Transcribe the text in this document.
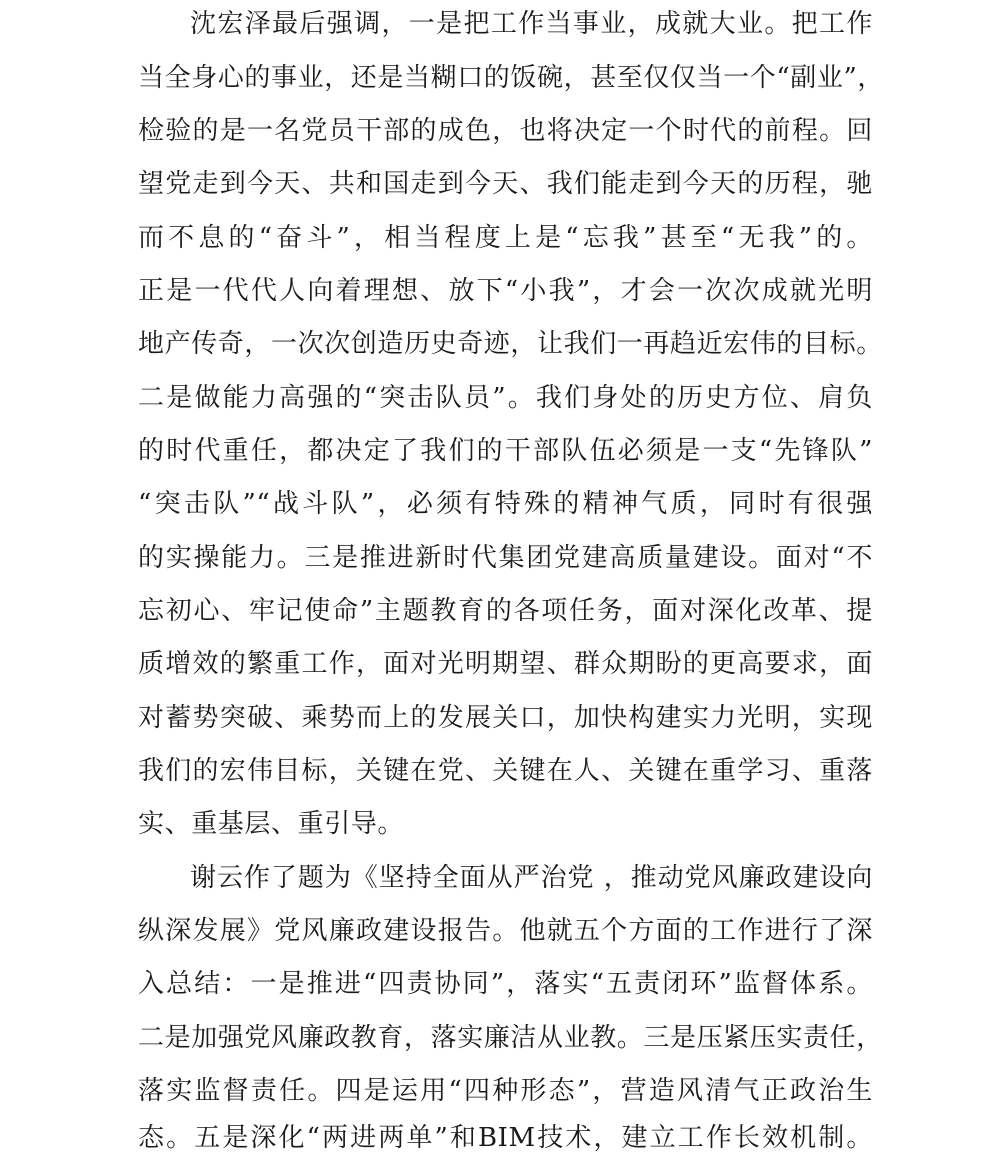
沈宏泽最后强调，一是把工作当事业，成就大业。把工作
当全身心的事业，还是当糊口的饭碗，甚至仅仅当一个“副业”，
检验的是一名党员干部的成色，也将决定一个时代的前程。回
望党走到今天、共和国走到今天、我们能走到今天的历程，驰
而不息的“奋斗”，相当程度上是“忘我”甚至“无我”的。
正是一代代人向着理想、放下“小我”，才会一次次成就光明
地产传奇，一次次创造历史奇迹，让我们一再趋近宏伟的目标。
二是做能力高强的“突击队员”。我们身处的历史方位、肩负
的时代重任，都决定了我们的干部队伍必须是一支“先锋队”
“突击队”“战斗队”，必须有特殊的精神气质，同时有很强
的实操能力。三是推进新时代集团党建高质量建设。面对“不
忘初心、牢记使命”主题教育的各项任务，面对深化改革、提
质增效的繁重工作，面对光明期望、群众期盼的更高要求，面
对蓄势突破、乘势而上的发展关口，加快构建实力光明，实现
我们的宏伟目标，关键在党、关键在人、关键在重学习、重落
实、重基层、重引导。
谢云作了题为《坚持全面从严治党 ，推动党风廉政建设向
纵深发展》党风廉政建设报告。他就五个方面的工作进行了深
入总结：一是推进“四责协同”，落实“五责闭环”监督体系。
二是加强党风廉政教育，落实廉洁从业教。三是压紧压实责任，
落实监督责任。四是运用“四种形态”，营造风清气正政治生
态。五是深化“两进两单”和BIM技术，建立工作长效机制。
